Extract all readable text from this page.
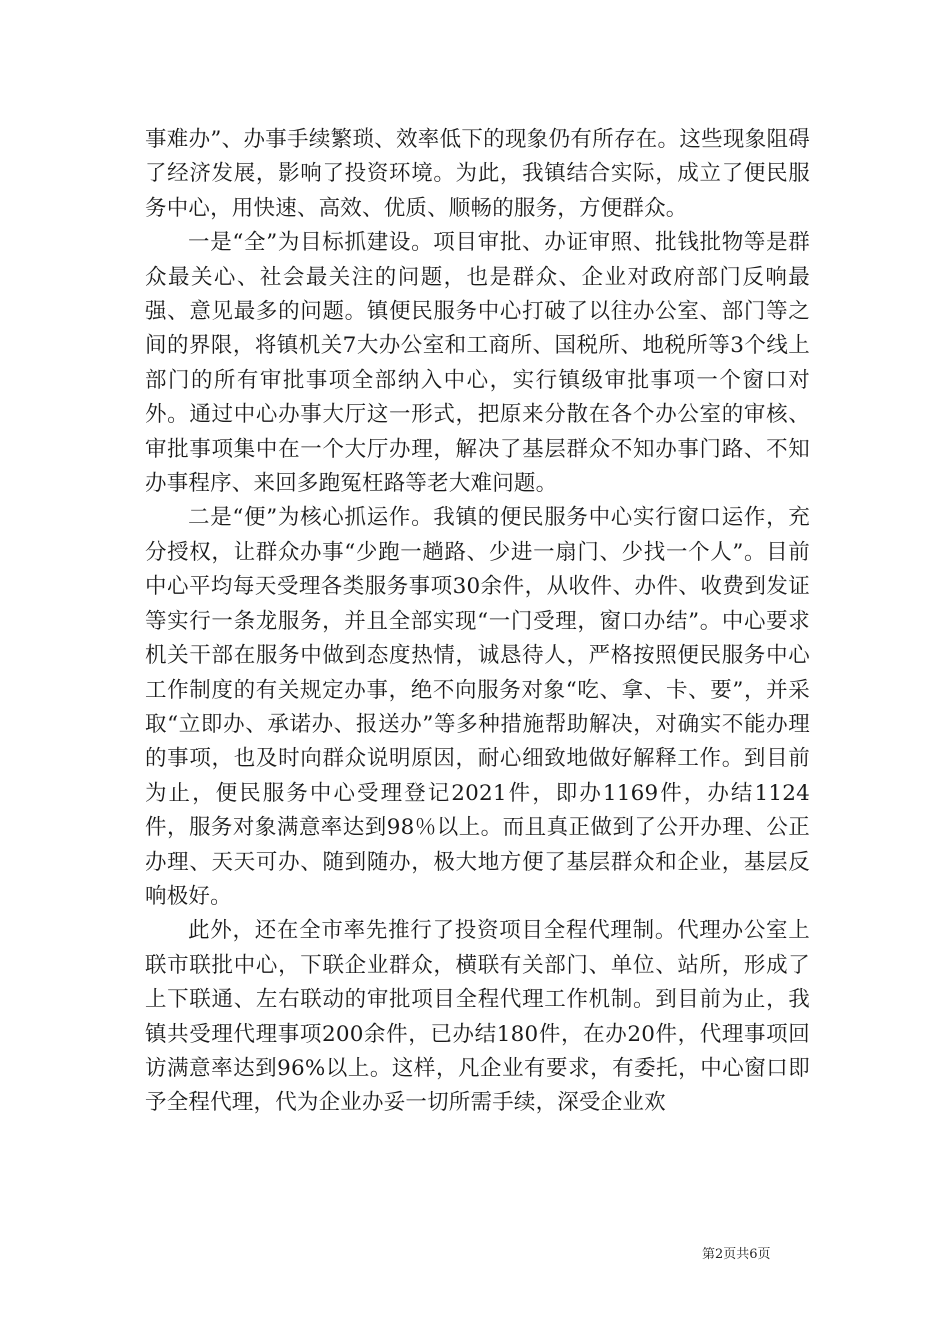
事难办”、办事手续繁琐、效率低下的现象仍有所存在。这些现象阻碍了经济发展，影响了投资环境。为此，我镇结合实际，成立了便民服务中心，用快速、高效、优质、顺畅的服务，方便群众。

一是“全”为目标抓建设。项目审批、办证审照、批钱批物等是群众最关心、社会最关注的问题，也是群众、企业对政府部门反响最强、意见最多的问题。镇便民服务中心打破了以往办公室、部门等之间的界限，将镇机关7大办公室和工商所、国税所、地税所等3个线上部门的所有审批事项全部纳入中心，实行镇级审批事项一个窗口对外。通过中心办事大厅这一形式，把原来分散在各个办公室的审核、审批事项集中在一个大厅办理，解决了基层群众不知办事门路、不知办事程序、来回多跑冤枉路等老大难问题。

二是“便”为核心抓运作。我镇的便民服务中心实行窗口运作，充分授权，让群众办事“少跑一趟路、少进一扇门、少找一个人”。目前中心平均每天受理各类服务事项30余件，从收件、办件、收费到发证等实行一条龙服务，并且全部实现“一门受理，窗口办结”。中心要求机关干部在服务中做到态度热情，诚恳待人，严格按照便民服务中心工作制度的有关规定办事，绝不向服务对象“吃、拿、卡、要”，并采取“立即办、承诺办、报送办”等多种措施帮助解决，对确实不能办理的事项，也及时向群众说明原因，耐心细致地做好解释工作。到目前为止，便民服务中心受理登记2021件，即办1169件，办结1124件，服务对象满意率达到98％以上。而且真正做到了公开办理、公正办理、天天可办、随到随办，极大地方便了基层群众和企业，基层反响极好。

此外，还在全市率先推行了投资项目全程代理制。代理办公室上联市联批中心，下联企业群众，横联有关部门、单位、站所，形成了上下联通、左右联动的审批项目全程代理工作机制。到目前为止，我镇共受理代理事项200余件，已办结180件，在办20件，代理事项回访满意率达到96%以上。这样，凡企业有要求，有委托，中心窗口即予全程代理，代为企业办妥一切所需手续，深受企业欢

第2页共6页
